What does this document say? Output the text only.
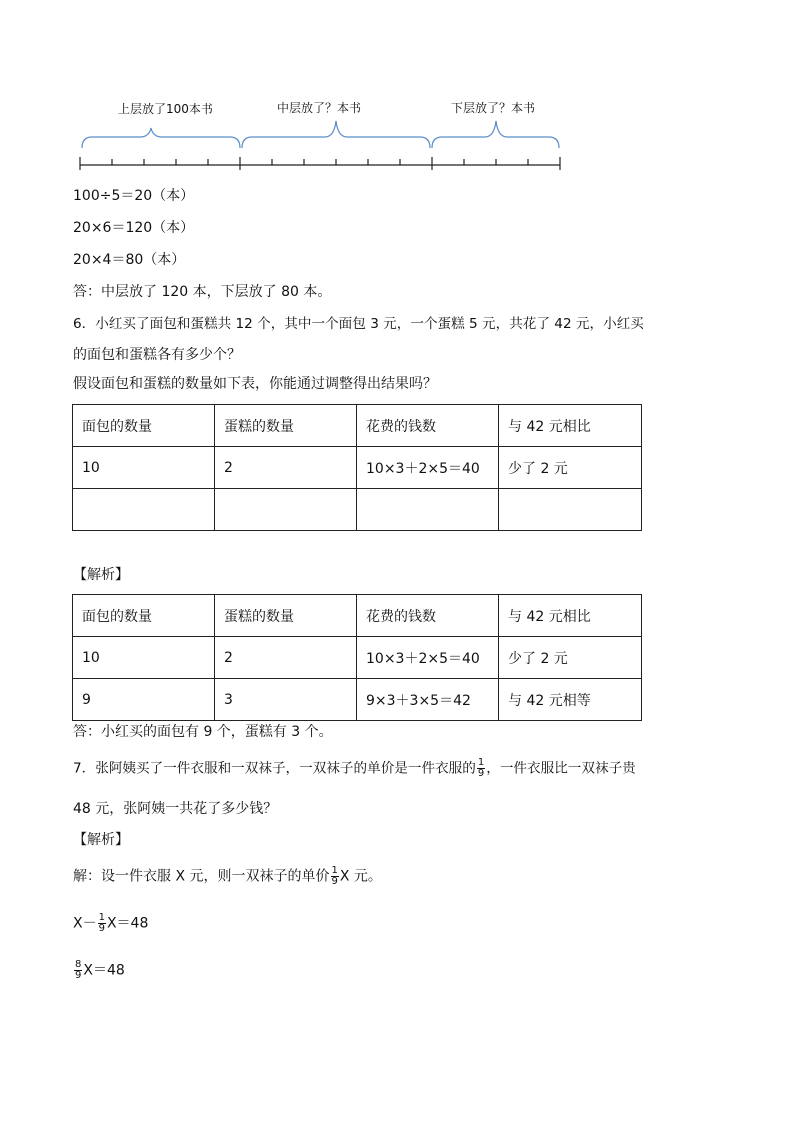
上层放了100本书	中层放了？本书	下层放了？本书
100÷5＝20（本）
20×6＝120（本）
20×4＝80（本）
答：中层放了 120 本，下层放了 80 本。
6．小红买了面包和蛋糕共 12 个，其中一个面包 3 元，一个蛋糕 5 元，共花了 42 元，小红买
的面包和蛋糕各有多少个？
假设面包和蛋糕的数量如下表，你能通过调整得出结果吗？
面包的数量	蛋糕的数量	花费的钱数	与 42 元相比
10	2	10×3＋2×5＝40	少了 2 元

【解析】
面包的数量	蛋糕的数量	花费的钱数	与 42 元相比
10	2	10×3＋2×5＝40	少了 2 元
9	3	9×3＋3×5＝42	与 42 元相等
答：小红买的面包有 9 个，蛋糕有 3 个。
7．张阿姨买了一件衣服和一双袜子，一双袜子的单价是一件衣服的 $\frac{1}{9}$ ，一件衣服比一双袜子贵
48 元，张阿姨一共花了多少钱？
【解析】
解：设一件衣服 X 元，则一双袜子的单价 $\frac{1}{9}$ X 元。
$X- \frac{1}{9} X=48$
$\frac{8}{9} X=48$
